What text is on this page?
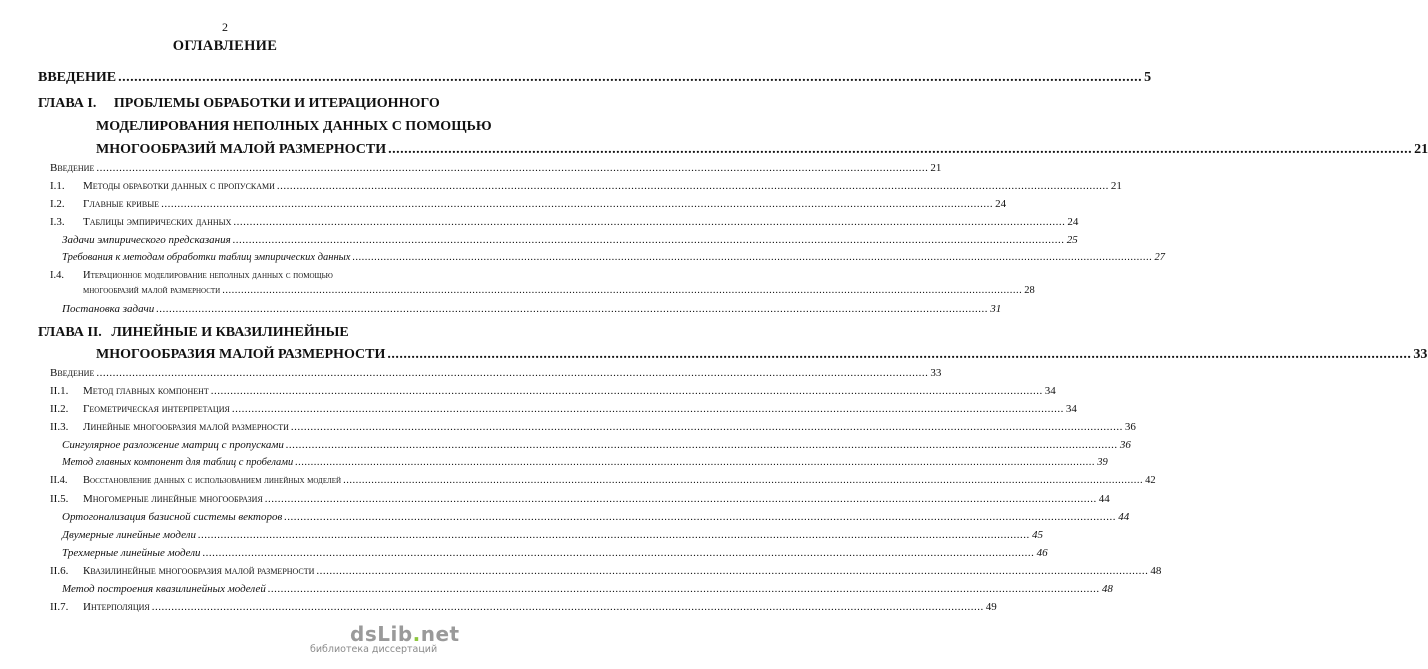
2
ОГЛАВЛЕНИЕ
ВВЕДЕНИЕ .....	5
ГЛАВА I. ПРОБЛЕМЫ ОБРАБОТКИ И ИТЕРАЦИОННОГО
МОДЕЛИРОВАНИЯ НЕПОЛНЫХ ДАННЫХ С ПОМОЩЬЮ
МНОГООБРАЗИЙ МАЛОЙ РАЗМЕРНОСТИ .....	21
Введение .....	21
I.1.	Методы обработки данных с пропусками .....	21
I.2.	Главные кривые .....	24
I.3.	Таблицы эмпирических данных .....	24
Задачи эмпирического предсказания .....	25
Требования к методам обработки таблиц эмпирических данных .....	27
I.4.	Итерационное моделирование неполных данных с помощью
многообразий малой размерности .....	28
Постановка задачи .....	31
ГЛАВА II. ЛИНЕЙНЫЕ И КВАЗИЛИНЕЙНЫЕ
МНОГООБРАЗИЯ МАЛОЙ РАЗМЕРНОСТИ .....	33
Введение .....	33
II.1.	Метод главных компонент .....	34
II.2.	Геометрическая интерпретация .....	34
II.3.	Линейные многообразия малой размерности .....	36
Сингулярное разложение матриц с пропусками .....	36
Метод главных компонент для таблиц с пробелами .....	39
II.4.	Восстановление данных с использованием линейных моделей .....	42
II.5.	Многомерные линейные многообразия .....	44
Ортогонализация базисной системы векторов .....	44
Двумерные линейные модели .....	45
Трехмерные линейные модели .....	46
II.6.	Квазилинейные многообразия малой размерности .....	48
Метод построения квазилинейных моделей .....	48
II.7.	Интерполяция .....	49
dsLib.net
библиотека диссертаций
